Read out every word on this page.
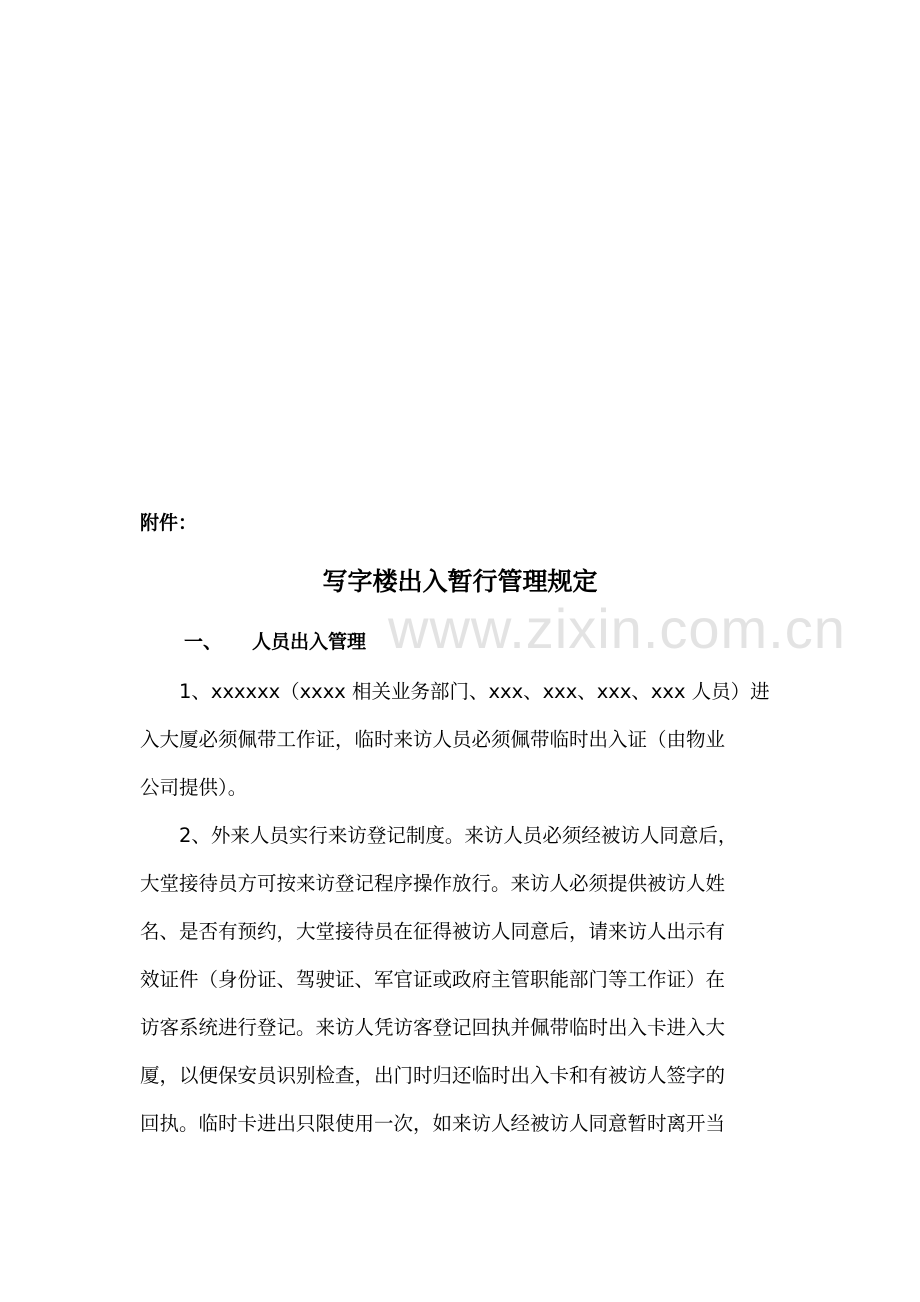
附件：
写字楼出入暂行管理规定
www.zixin.com.cn
一、 人员出入管理
　　1、xxxxxx（xxxx 相关业务部门、xxx、xxx、xxx、xxx 人员）进
入大厦必须佩带工作证，临时来访人员必须佩带临时出入证（由物业
公司提供）。
　　2、外来人员实行来访登记制度。来访人员必须经被访人同意后，
大堂接待员方可按来访登记程序操作放行。来访人必须提供被访人姓
名、是否有预约，大堂接待员在征得被访人同意后，请来访人出示有
效证件（身份证、驾驶证、军官证或政府主管职能部门等工作证）在
访客系统进行登记。来访人凭访客登记回执并佩带临时出入卡进入大
厦，以便保安员识别检查，出门时归还临时出入卡和有被访人签字的
回执。临时卡进出只限使用一次，如来访人经被访人同意暂时离开当
